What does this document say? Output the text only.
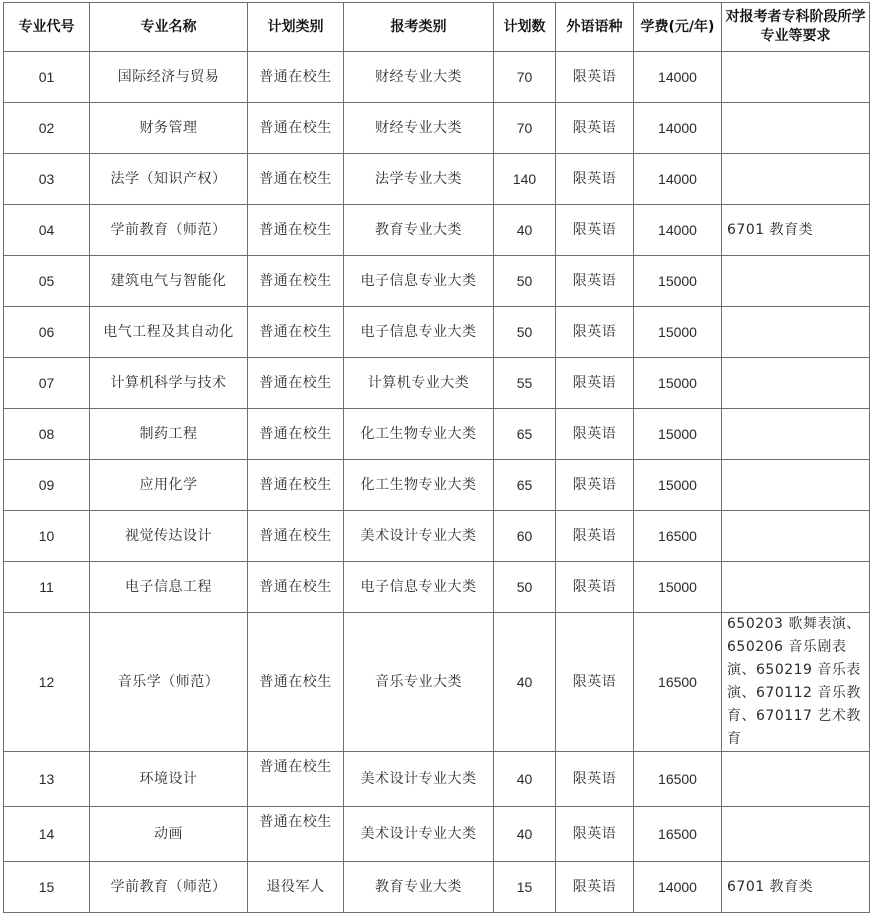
专业代号	专业名称	计划类别	报考类别	计划数	外语语种	学费(元/年)	对报考者专科阶段所学专业等要求
01	国际经济与贸易	普通在校生	财经专业大类	70	限英语	14000	
02	财务管理	普通在校生	财经专业大类	70	限英语	14000	
03	法学（知识产权）	普通在校生	法学专业大类	140	限英语	14000	
04	学前教育（师范）	普通在校生	教育专业大类	40	限英语	14000	6701 教育类
05	建筑电气与智能化	普通在校生	电子信息专业大类	50	限英语	15000	
06	电气工程及其自动化	普通在校生	电子信息专业大类	50	限英语	15000	
07	计算机科学与技术	普通在校生	计算机专业大类	55	限英语	15000	
08	制药工程	普通在校生	化工生物专业大类	65	限英语	15000	
09	应用化学	普通在校生	化工生物专业大类	65	限英语	15000	
10	视觉传达设计	普通在校生	美术设计专业大类	60	限英语	16500	
11	电子信息工程	普通在校生	电子信息专业大类	50	限英语	15000	
12	音乐学（师范）	普通在校生	音乐专业大类	40	限英语	16500	650203 歌舞表演、650206 音乐剧表演、650219 音乐表演、670112 音乐教育、670117 艺术教育
13	环境设计	普通在校生	美术设计专业大类	40	限英语	16500	
14	动画	普通在校生	美术设计专业大类	40	限英语	16500	
15	学前教育（师范）	退役军人	教育专业大类	15	限英语	14000	6701 教育类
